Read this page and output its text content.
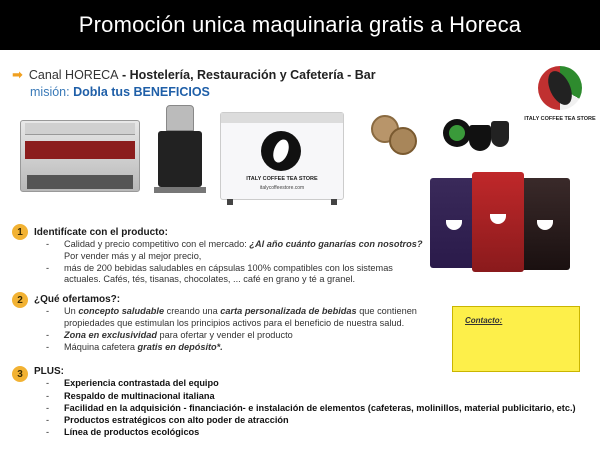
Promoción unica maquinaria gratis a Horeca
➡ Canal HORECA - Hostelería, Restauración y Cafetería - Bar
misión: Dobla tus BENEFICIOS
ITALY COFFEE TEA STORE
italycoffeestore.com
ITALY COFFEE TEA STORE
1	Identifícate con el producto:
-	Calidad y precio competitivo con el mercado: ¿Al año cuánto ganarías con nosotros? Por vender más y al mejor precio,
-	más de 200 bebidas saludables en cápsulas 100% compatibles con los sistemas actuales. Cafés, tés, tisanas, chocolates, ... café en grano y té a granel.
2	¿Qué ofertamos?:
-	Un concepto saludable creando una carta personalizada de bebidas que contienen propiedades que estimulan los principios activos para el beneficio de nuestra salud.
-	Zona en exclusividad para ofertar y vender el producto
-	Máquina cafetera gratis en depósito*.
3	PLUS:
-	Experiencia contrastada del equipo
-	Respaldo de multinacional italiana
-	Facilidad en la adquisición - financiación- e instalación de elementos (cafeteras, molinillos, material publicitario, etc.)
-	Productos estratégicos con alto poder de atracción
-	Línea de productos ecológicos
Contacto:
